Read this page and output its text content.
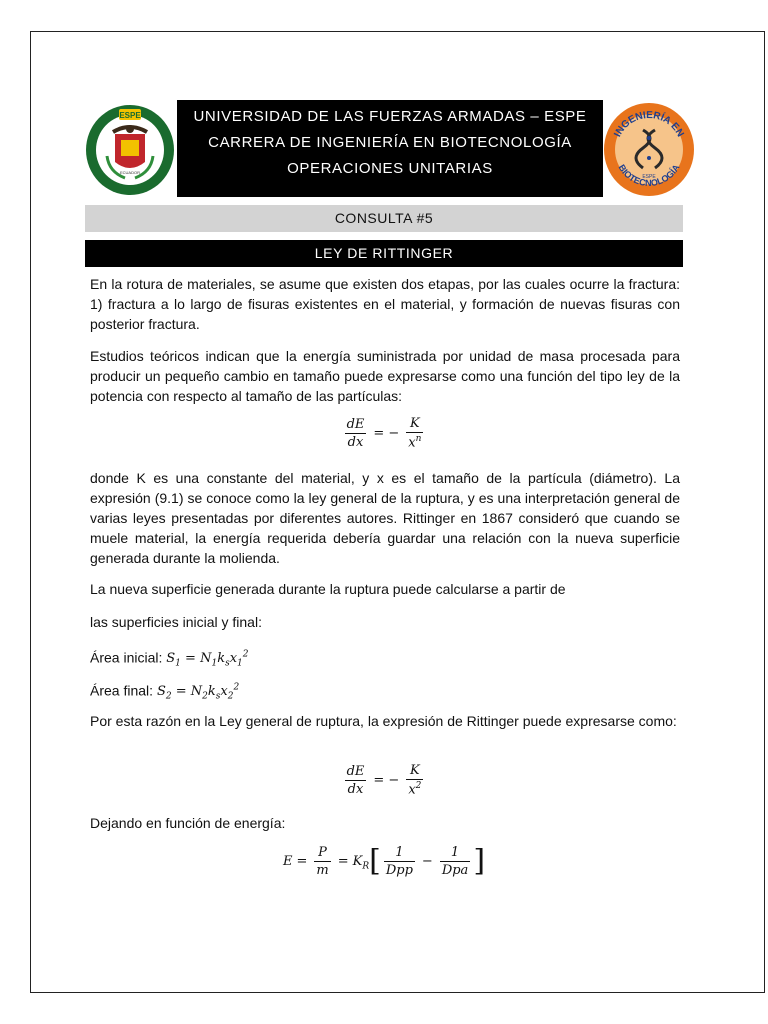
ESPE
ECUADOR
UNIVERSIDAD DE LAS FUERZAS ARMADAS – ESPE
CARRERA DE INGENIERÍA EN BIOTECNOLOGÍA
OPERACIONES UNITARIAS
INGENIERÍA EN
BIOTECNOLOGÍA
ESPE
CONSULTA #5
LEY DE RITTINGER

En la rotura de materiales, se asume que existen dos etapas, por las cuales ocurre la fractura: 1) fractura a lo largo de fisuras existentes en el material, y formación de nuevas fisuras con posterior fractura.

Estudios teóricos indican que la energía suministrada por unidad de masa procesada para producir un pequeño cambio en tamaño puede expresarse como una función del tipo ley de la potencia con respecto al tamaño de las partículas:

$\frac{dE}{dx}$ = − $\frac{K}{x^n}$

donde K es una constante del material, y x es el tamaño de la partícula (diámetro). La expresión (9.1) se conoce como la ley general de la ruptura, y es una interpretación general de varias leyes presentadas por diferentes autores. Rittinger en 1867 consideró que cuando se muele material, la energía requerida debería guardar una relación con la nueva superficie generada durante la molienda.

La nueva superficie generada durante la ruptura puede calcularse a partir de

las superficies inicial y final:

Área inicial: $S_1 = N_1k_sx_1^2$

Área final: $S_2 = N_2k_sx_2^2$

Por esta razón en la Ley general de ruptura, la expresión de Rittinger puede expresarse como:

$\frac{dE}{dx}$ = − $\frac{K}{x^2}$

Dejando en función de energía:

$E = \frac{P}{m} = K_R[ \frac{1}{\text{Dpp}} - \frac{1}{\text{Dpa}}$ ]
